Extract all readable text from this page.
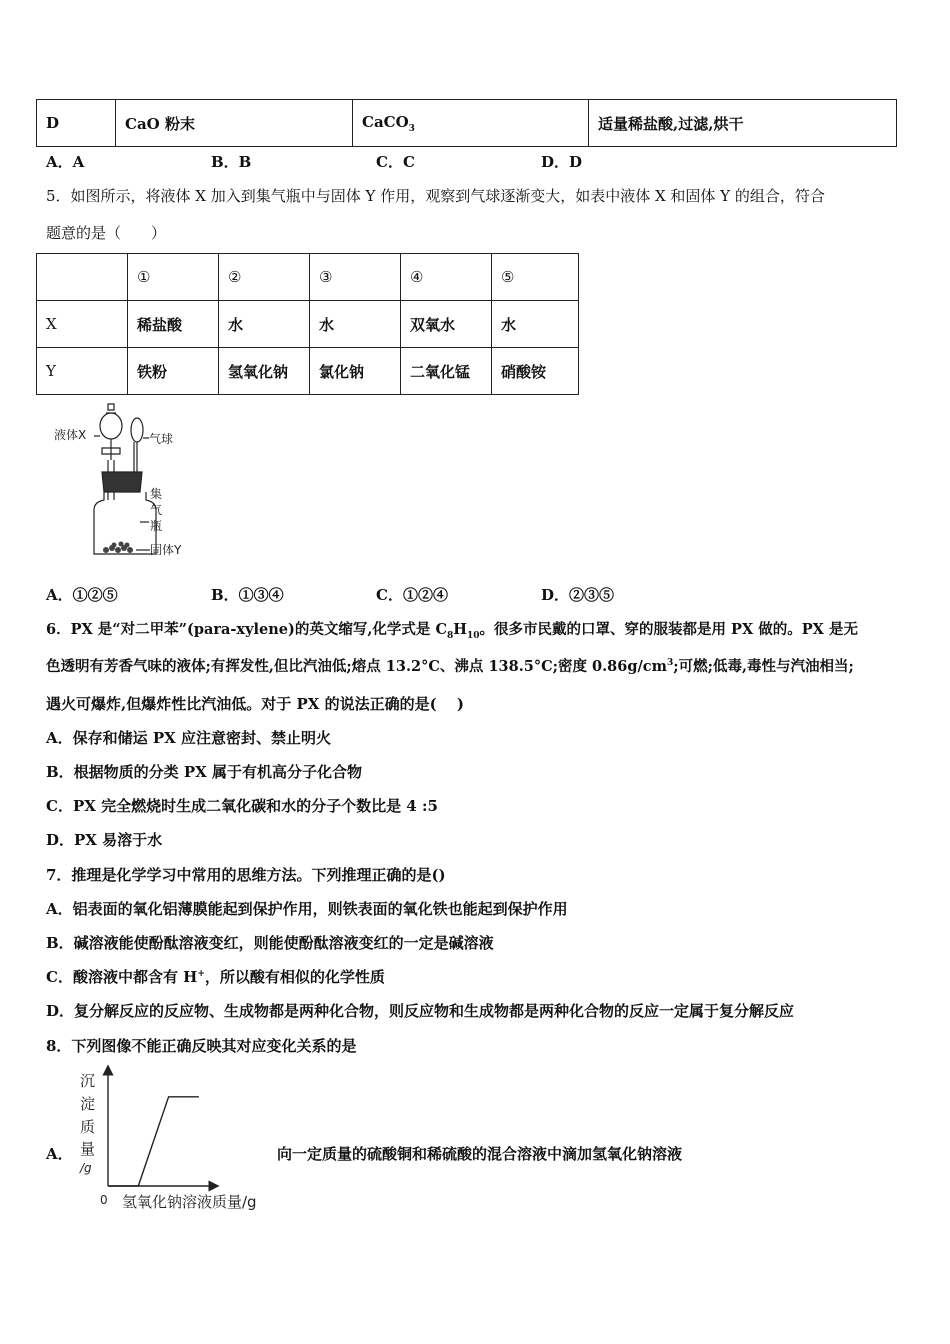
D	CaO 粉末	CaCO$_3$	适量稀盐酸,过滤,烘干
A．A	B．B	C．C	D．D
5．如图所示，将液体 X 加入到集气瓶中与固体 Y 作用，观察到气球逐渐变大，如表中液体 X 和固体 Y 的组合，符合
题意的是（　　）
	①	②	③	④	⑤
X	稀盐酸	水	水	双氧水	水
Y	铁粉	氢氧化钠	氯化钠	二氧化锰	硝酸铵
液体X	气球
集
气
瓶
固体Y
A．①②⑤	B．①③④	C．①②④	D．②③⑤
6．PX 是“对二甲苯”(para-xylene)的英文缩写,化学式是 $C_8H_{10}$。很多市民戴的口罩、穿的服装都是用 PX 做的。PX 是无
色透明有芳香气味的液体;有挥发性,但比汽油低;熔点 13.2°C、沸点 138.5°C;密度 $0.86g/cm^3$;可燃;低毒,毒性与汽油相当;
遇火可爆炸,但爆炸性比汽油低。对于 PX 的说法正确的是(　 )
A．保存和储运 PX 应注意密封、禁止明火
B．根据物质的分类 PX 属于有机高分子化合物
C．PX 完全燃烧时生成二氧化碳和水的分子个数比是 4 :5
D．PX 易溶于水
7．推理是化学学习中常用的思维方法。下列推理正确的是()
A．铝表面的氧化铝薄膜能起到保护作用，则铁表面的氧化铁也能起到保护作用
B．碱溶液能使酚酞溶液变红，则能使酚酞溶液变红的一定是碱溶液
C．酸溶液中都含有 H+，所以酸有相似的化学性质
D．复分解反应的反应物、生成物都是两种化合物，则反应物和生成物都是两种化合物的反应一定属于复分解反应
8．下列图像不能正确反映其对应变化关系的是
A．
沉
淀
质
量
/g
0 氢氧化钠溶液质量/g
向一定质量的硫酸铜和稀硫酸的混合溶液中滴加氢氧化钠溶液
